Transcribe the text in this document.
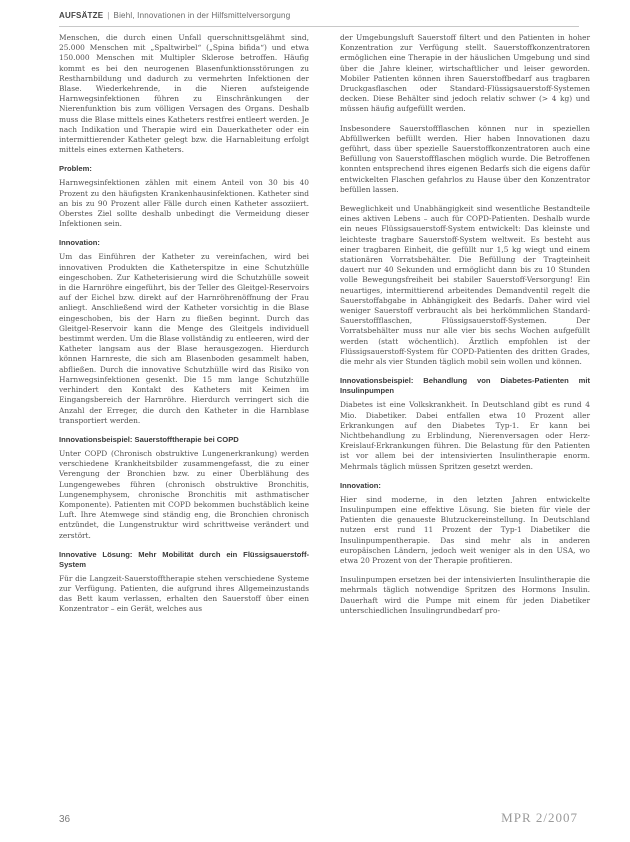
AUFSÄTZE | Biehl, Innovationen in der Hilfsmittelversorgung

Menschen, die durch einen Unfall querschnittsgelähmt sind, 25.000 Menschen mit „Spaltwirbel“ („Spina bifida“) und etwa 150.000 Menschen mit Multipler Sklerose betroffen. Häufig kommt es bei den neurogenen Blasenfunktionsstörungen zu Restharnbildung und dadurch zu vermehrten Infektionen der Blase. Wiederkehrende, in die Nieren aufsteigende Harnwegsinfektionen führen zu Einschränkungen der Nierenfunktion bis zum völligen Versagen des Organs. Deshalb muss die Blase mittels eines Katheters restfrei entleert werden. Je nach Indikation und Therapie wird ein Dauerkatheter oder ein intermittierender Katheter gelegt bzw. die Harnableitung erfolgt mittels eines externen Katheters.

Problem:

Harnwegsinfektionen zählen mit einem Anteil von 30 bis 40 Prozent zu den häufigsten Krankenhausinfektionen. Katheter sind an bis zu 90 Prozent aller Fälle durch einen Katheter assoziiert. Oberstes Ziel sollte deshalb unbedingt die Vermeidung dieser Infektionen sein.

Innovation:

Um das Einführen der Katheter zu vereinfachen, wird bei innovativen Produkten die Katheterspitze in eine Schutzhülle eingeschoben. Zur Katheterisierung wird die Schutzhülle soweit in die Harnröhre eingeführt, bis der Teller des Gleitgel-Reservoirs auf der Eichel bzw. direkt auf der Harnröhrenöffnung der Frau anliegt. Anschließend wird der Katheter vorsichtig in die Blase eingeschoben, bis der Harn zu fließen beginnt. Durch das Gleitgel-Reservoir kann die Menge des Gleitgels individuell bestimmt werden. Um die Blase vollständig zu entleeren, wird der Katheter langsam aus der Blase herausgezogen. Hierdurch können Harnreste, die sich am Blasenboden gesammelt haben, abfließen. Durch die innovative Schutzhülle wird das Risiko von Harnwegsinfektionen gesenkt. Die 15 mm lange Schutzhülle verhindert den Kontakt des Katheters mit Keimen im Eingangsbereich der Harnröhre. Hierdurch verringert sich die Anzahl der Erreger, die durch den Katheter in die Harnblase transportiert werden.

Innovationsbeispiel: Sauerstofftherapie bei COPD

Unter COPD (Chronisch obstruktive Lungenerkrankung) werden verschiedene Krankheitsbilder zusammengefasst, die zu einer Verengung der Bronchien bzw. zu einer Überblähung des Lungengewebes führen (chronisch obstruktive Bronchitis, Lungenemphysem, chronische Bronchitis mit asthmatischer Komponente). Patienten mit COPD bekommen buchstäblich keine Luft. Ihre Atemwege sind ständig eng, die Bronchien chronisch entzündet, die Lungenstruktur wird schrittweise verändert und zerstört.

Innovative Lösung: Mehr Mobilität durch ein Flüssigsauerstoff-System

Für die Langzeit-Sauerstofftherapie stehen verschiedene Systeme zur Verfügung. Patienten, die aufgrund ihres Allgemeinzustands das Bett kaum verlassen, erhalten den Sauerstoff über einen Konzentrator – ein Gerät, welches aus

der Umgebungsluft Sauerstoff filtert und den Patienten in hoher Konzentration zur Verfügung stellt. Sauerstoffkonzentratoren ermöglichen eine Therapie in der häuslichen Umgebung und sind über die Jahre kleiner, wirtschaftlicher und leiser geworden. Mobiler Patienten können ihren Sauerstoffbedarf aus tragbaren Druckgasflaschen oder Standard-Flüssigsauerstoff-Systemen decken. Diese Behälter sind jedoch relativ schwer (> 4 kg) und müssen häufig aufgefüllt werden.

Insbesondere Sauerstoffflaschen können nur in speziellen Abfüllwerken befüllt werden. Hier haben Innovationen dazu geführt, dass über spezielle Sauerstoffkonzentratoren auch eine Befüllung von Sauerstoffflaschen möglich wurde. Die Betroffenen konnten entsprechend ihres eigenen Bedarfs sich die eigens dafür entwickelten Flaschen gefahrlos zu Hause über den Konzentrator befüllen lassen.

Beweglichkeit und Unabhängigkeit sind wesentliche Bestandteile eines aktiven Lebens – auch für COPD-Patienten. Deshalb wurde ein neues Flüssigsauerstoff-System entwickelt: Das kleinste und leichteste tragbare Sauerstoff-System weltweit. Es besteht aus einer tragbaren Einheit, die gefüllt nur 1,5 kg wiegt und einem stationären Vorratsbehälter. Die Befüllung der Tragteinheit dauert nur 40 Sekunden und ermöglicht dann bis zu 10 Stunden volle Bewegungsfreiheit bei stabiler Sauerstoff-Versorgung! Ein neuartiges, intermittierend arbeitendes Demandventil regelt die Sauerstoffabgabe in Abhängigkeit des Bedarfs. Daher wird viel weniger Sauerstoff verbraucht als bei herkömmlichen Standard-Sauerstoffflaschen, Flüssigsauerstoff-Systemen. Der Vorratsbehälter muss nur alle vier bis sechs Wochen aufgefüllt werden (statt wöchentlich). Ärztlich empfohlen ist der Flüssigsauerstoff-System für COPD-Patienten des dritten Grades, die mehr als vier Stunden täglich mobil sein wollen und können.

Innovationsbeispiel: Behandlung von Diabetes-Patienten mit Insulinpumpen

Diabetes ist eine Volkskrankheit. In Deutschland gibt es rund 4 Mio. Diabetiker. Dabei entfallen etwa 10 Prozent aller Erkrankungen auf den Diabetes Typ-1. Er kann bei Nichtbehandlung zu Erblindung, Nierenversagen oder Herz-Kreislauf-Erkrankungen führen. Die Belastung für den Patienten ist vor allem bei der intensivierten Insulintherapie enorm. Mehrmals täglich müssen Spritzen gesetzt werden.

Innovation:

Hier sind moderne, in den letzten Jahren entwickelte Insulinpumpen eine effektive Lösung. Sie bieten für viele der Patienten die genaueste Blutzuckereinstellung. In Deutschland nutzen erst rund 11 Prozent der Typ-1 Diabetiker die Insulinpumpentherapie. Das sind mehr als in anderen europäischen Ländern, jedoch weit weniger als in den USA, wo etwa 20 Prozent von der Therapie profitieren.

Insulinpumpen ersetzen bei der intensivierten Insulintherapie die mehrmals täglich notwendige Spritzen des Hormons Insulin. Dauerhaft wird die Pumpe mit einem für jeden Diabetiker unterschiedlichen Insulingrundbedarf pro-

36	MPR 2/2007
